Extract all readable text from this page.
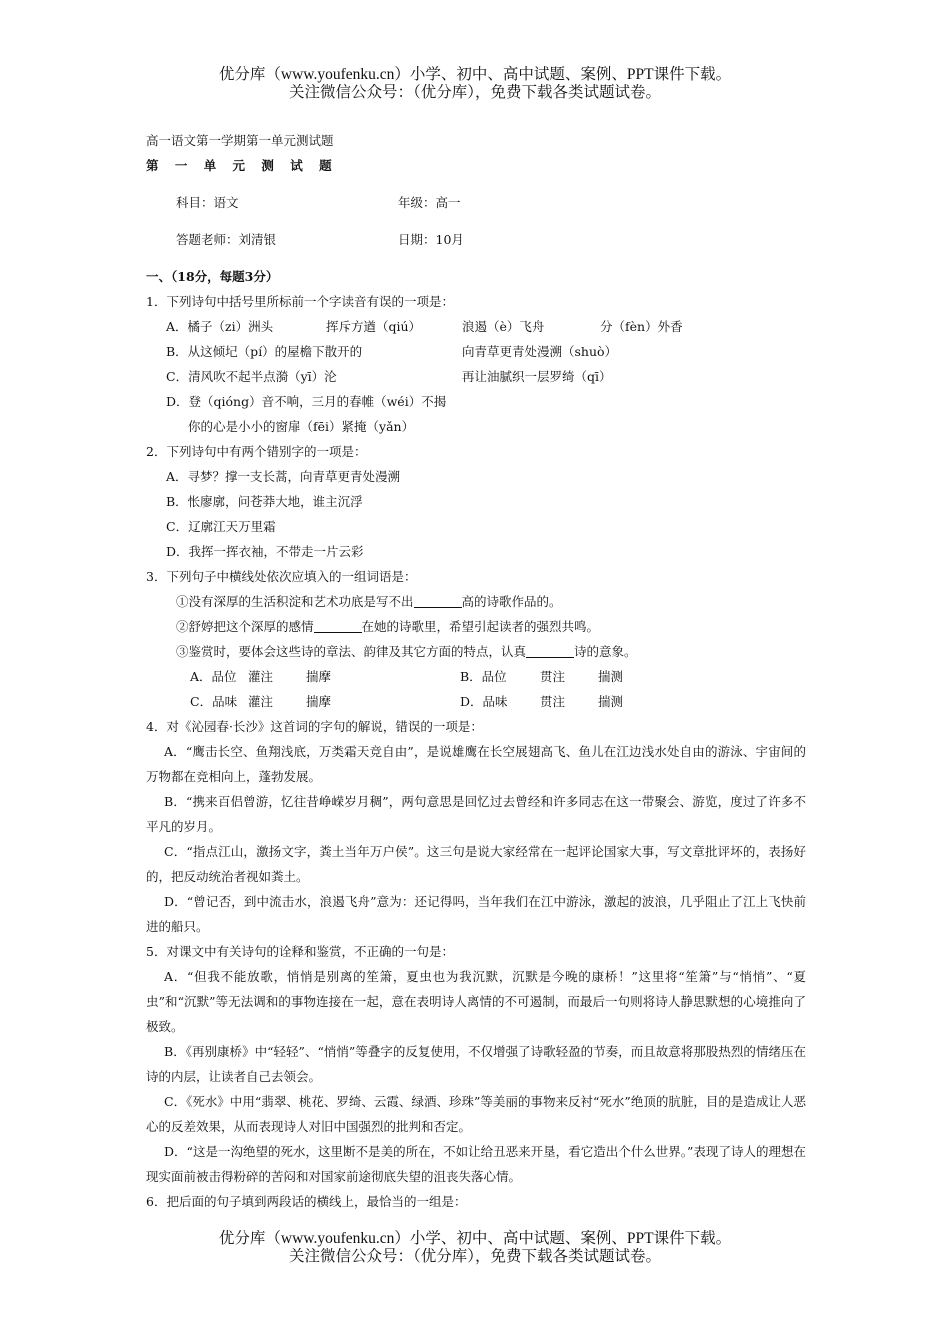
优分库（www.youfenku.cn）小学、初中、高中试题、案例、PPT课件下载。
关注微信公众号：（优分库），免费下载各类试题试卷。
高一语文第一学期第一单元测试题
第 一 单 元 测 试 题
科目：语文	年级：高一
答题老师：刘清银	日期：10月
一、（18分，每题3分）
1．下列诗句中括号里所标前一个字读音有误的一项是：
A．橘子（zi）洲头	挥斥方遒（qiú）	浪遏（è）飞舟	分（fèn）外香
B．从这倾圮（pí）的屋檐下散开的	向青草更青处漫溯（shuò）
C．清风吹不起半点漪（yī）沦	再让油腻织一层罗绮（qī）
D．登（qióng）音不响，三月的春帷（wéi）不揭
你的心是小小的窗扉（fēi）紧掩（yǎn）
2．下列诗句中有两个错别字的一项是：
A．寻梦？撑一支长蒿，向青草更青处漫溯
B．怅廖廓，问苍莽大地，谁主沉浮
C．辽廓江天万里霜
D．我挥一挥衣袖，不带走一片云彩
3．下列句子中横线处依次应填入的一组词语是：
①没有深厚的生活积淀和艺术功底是写不出	高的诗歌作品的。
②舒婷把这个深厚的感情	在她的诗歌里，希望引起读者的强烈共鸣。
③鉴赏时，要体会这些诗的章法、韵律及其它方面的特点，认真	诗的意象。
A．品位 灌注	揣摩	B．品位	贯注	揣测
C．品味 灌注	揣摩	D．品味	贯注	揣测
4．对《沁园春·长沙》这首词的字句的解说，错误的一项是：
A．“鹰击长空、鱼翔浅底，万类霜天竞自由”，是说雄鹰在长空展翅高飞、鱼儿在江边浅水处自由的游泳、宇宙间的万物都在竞相向上，蓬勃发展。
B．“携来百侣曾游，忆往昔峥嵘岁月稠”，两句意思是回忆过去曾经和许多同志在这一带聚会、游览，度过了许多不平凡的岁月。
C．“指点江山，激扬文字，粪土当年万户侯”。这三句是说大家经常在一起评论国家大事，写文章批评坏的，表扬好的，把反动统治者视如粪土。
D．“曾记否，到中流击水，浪遏飞舟”意为：还记得吗，当年我们在江中游泳，激起的波浪，几乎阻止了江上飞快前进的船只。
5．对课文中有关诗句的诠释和鉴赏，不正确的一句是：
A．“但我不能放歌，悄悄是别离的笙箫，夏虫也为我沉默，沉默是今晚的康桥！”这里将“笙箫”与“悄悄”、“夏虫”和“沉默”等无法调和的事物连接在一起，意在表明诗人离情的不可遏制，而最后一句则将诗人静思默想的心境推向了极致。
B．《再别康桥》中“轻轻”、“悄悄”等叠字的反复使用，不仅增强了诗歌轻盈的节奏，而且故意将那股热烈的情绪压在诗的内层，让读者自己去领会。
C．《死水》中用“翡翠、桃花、罗绮、云霞、绿酒、珍珠”等美丽的事物来反衬“死水”绝顶的肮脏，目的是造成让人恶心的反差效果，从而表现诗人对旧中国强烈的批判和否定。
D．“这是一沟绝望的死水，这里断不是美的所在，不如让给丑恶来开垦，看它造出个什么世界。”表现了诗人的理想在现实面前被击得粉碎的苦闷和对国家前途彻底失望的沮丧失落心情。
6．把后面的句子填到两段话的横线上，最恰当的一组是：
优分库（www.youfenku.cn）小学、初中、高中试题、案例、PPT课件下载。
关注微信公众号：（优分库），免费下载各类试题试卷。
